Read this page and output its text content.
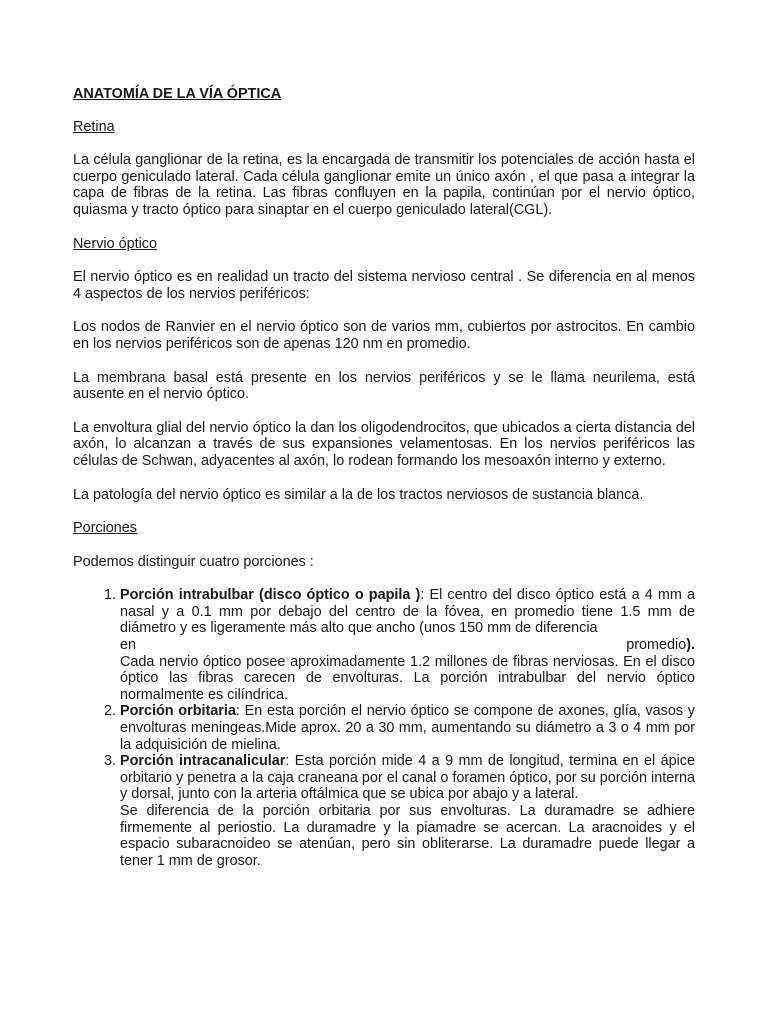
ANATOMÍA DE LA VÍA ÓPTICA
Retina

La célula ganglionar de la retina, es la encargada de transmitir los potenciales de acción hasta el cuerpo geniculado lateral. Cada célula ganglionar emite un único axón , el que pasa a integrar la capa de fibras de la retina. Las fibras confluyen en la papila, continúan por el nervio óptico, quiasma y tracto óptico para sinaptar en el cuerpo geniculado lateral(CGL).

Nervio óptico

El nervio óptico es en realidad un tracto del sistema nervioso central . Se diferencia en al menos 4 aspectos de los nervios periféricos:

Los nodos de Ranvier en el nervio óptico son de varios mm, cubiertos por astrocitos. En cambio en los nervios periféricos son de apenas 120 nm en promedio.

La membrana basal está presente en los nervios periféricos y se le llama neurilema, está ausente en el nervio óptico.

La envoltura glial del nervio óptico la dan los oligodendrocitos, que ubicados a cierta distancia del axón, lo alcanzan a través de sus expansiones velamentosas. En los nervios periféricos las células de Schwan, adyacentes al axón, lo rodean formando los mesoaxón interno y externo.

La patología del nervio óptico es similar a la de los tractos nerviosos de sustancia blanca.

Porciones

Podemos distinguir cuatro porciones :

1. Porción intrabulbar (disco óptico o papila ): El centro del disco óptico está a 4 mm a nasal y a 0.1 mm por debajo del centro de la fóvea, en promedio tiene 1.5 mm de diámetro y es ligeramente más alto que ancho (unos 150 mm de diferencia
en	promedio).
Cada nervio óptico posee aproximadamente 1.2 millones de fibras nerviosas. En el disco óptico las fibras carecen de envolturas. La porción intrabulbar del nervio óptico normalmente es cilíndrica.
2. Porción orbitaria: En esta porción el nervio óptico se compone de axones, glía, vasos y envolturas meningeas.Mide aprox. 20 a 30 mm, aumentando su diámetro a 3 o 4 mm por la adquisición de mielina.
3. Porción intracanalicular: Esta porción mide 4 a 9 mm de longitud, termina en el ápice orbitario y penetra a la caja craneana por el canal o foramen óptico, por su porción interna y dorsal, junto con la arteria oftálmica que se ubica por abajo y a lateral.
Se diferencia de la porción orbitaria por sus envolturas. La duramadre se adhiere firmemente al periostio. La duramadre y la piamadre se acercan. La aracnoides y el espacio subaracnoideo se atenúan, pero sin obliterarse. La duramadre puede llegar a tener 1 mm de grosor.
